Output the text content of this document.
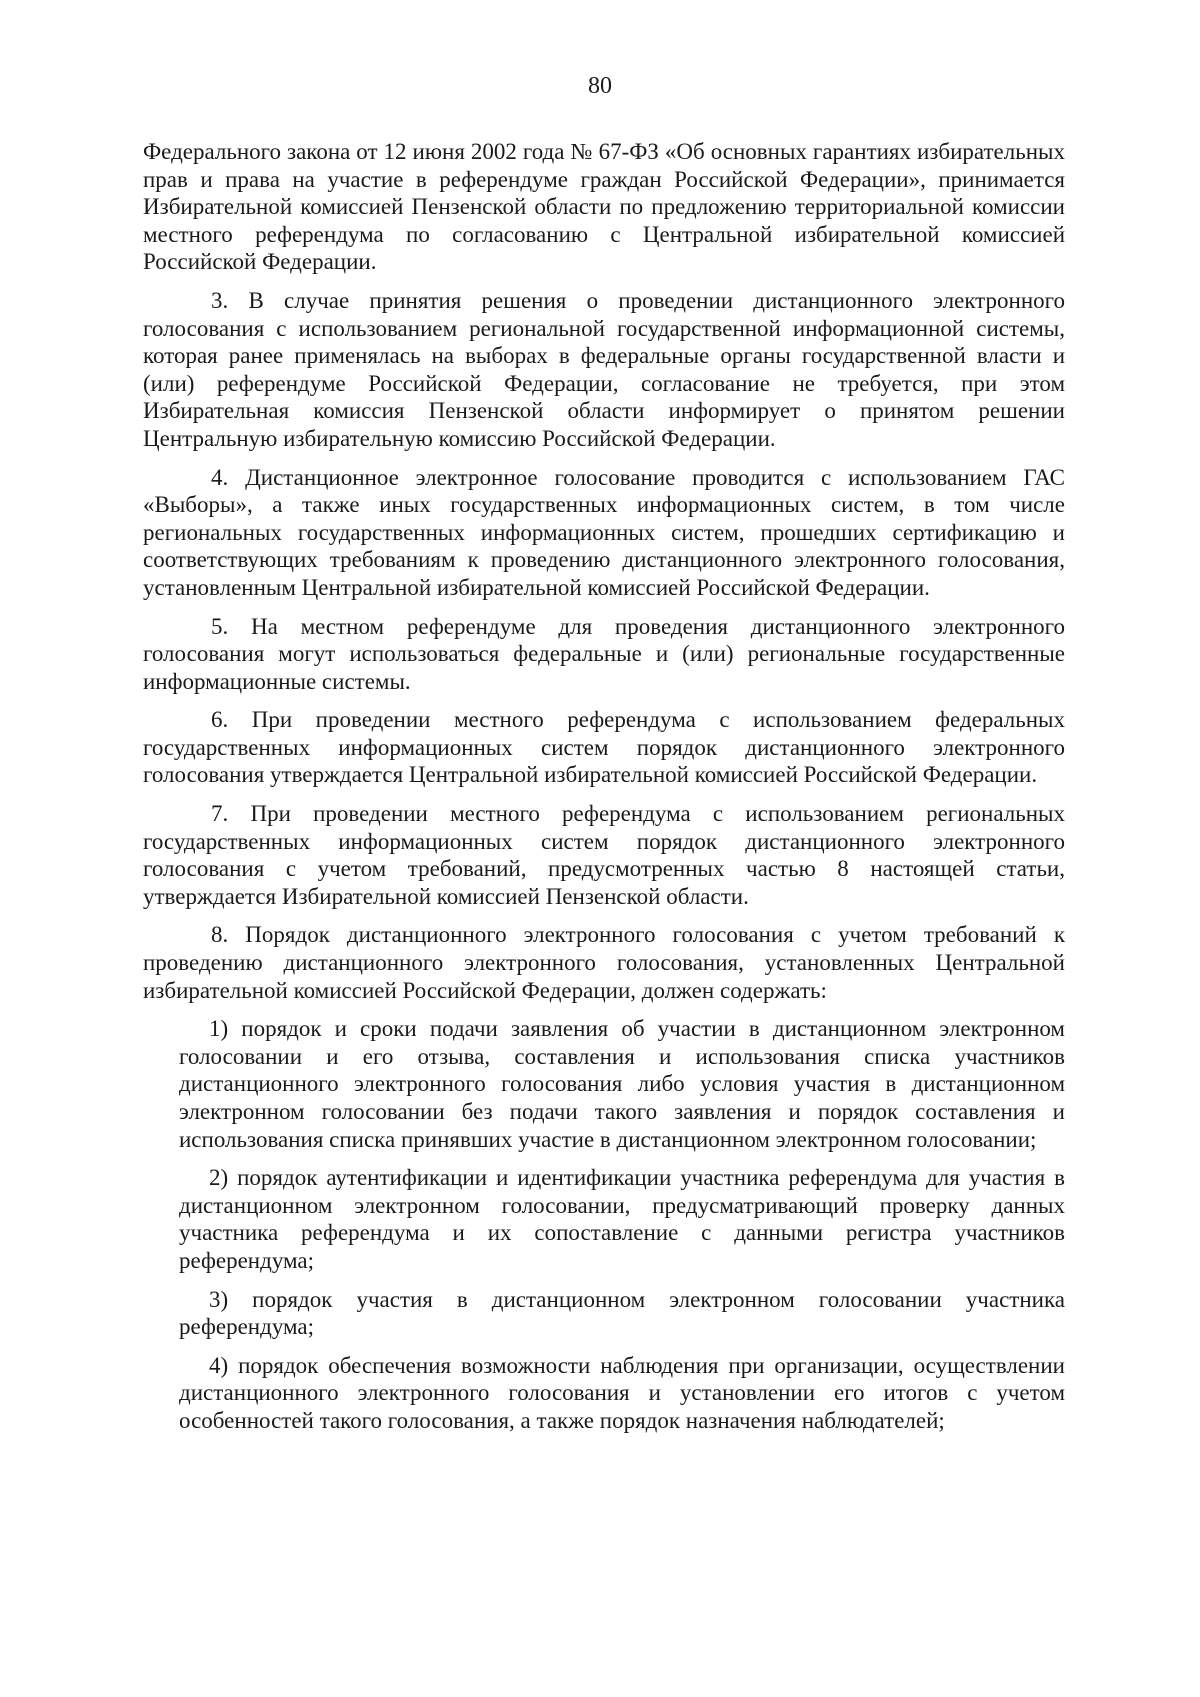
80

Федерального закона от 12 июня 2002 года № 67-ФЗ «Об основных гарантиях избирательных прав и права на участие в референдуме граждан Российской Федерации», принимается Избирательной комиссией Пензенской области по предложению территориальной комиссии местного референдума по согласованию с Центральной избирательной комиссией Российской Федерации.

3. В случае принятия решения о проведении дистанционного электронного голосования с использованием региональной государственной информационной системы, которая ранее применялась на выборах в федеральные органы государственной власти и (или) референдуме Российской Федерации, согласование не требуется, при этом Избирательная комиссия Пензенской области информирует о принятом решении Центральную избирательную комиссию Российской Федерации.

4. Дистанционное электронное голосование проводится с использованием ГАС «Выборы», а также иных государственных информационных систем, в том числе региональных государственных информационных систем, прошедших сертификацию и соответствующих требованиям к проведению дистанционного электронного голосования, установленным Центральной избирательной комиссией Российской Федерации.

5. На местном референдуме для проведения дистанционного электронного голосования могут использоваться федеральные и (или) региональные государственные информационные системы.

6. При проведении местного референдума с использованием федеральных государственных информационных систем порядок дистанционного электронного голосования утверждается Центральной избирательной комиссией Российской Федерации.

7. При проведении местного референдума с использованием региональных государственных информационных систем порядок дистанционного электронного голосования с учетом требований, предусмотренных частью 8 настоящей статьи, утверждается Избирательной комиссией Пензенской области.

8. Порядок дистанционного электронного голосования с учетом требований к проведению дистанционного электронного голосования, установленных Центральной избирательной комиссией Российской Федерации, должен содержать:

1) порядок и сроки подачи заявления об участии в дистанционном электронном голосовании и его отзыва, составления и использования списка участников дистанционного электронного голосования либо условия участия в дистанционном электронном голосовании без подачи такого заявления и порядок составления и использования списка принявших участие в дистанционном электронном голосовании;

2) порядок аутентификации и идентификации участника референдума для участия в дистанционном электронном голосовании, предусматривающий проверку данных участника референдума и их сопоставление с данными регистра участников референдума;

3) порядок участия в дистанционном электронном голосовании участника референдума;

4) порядок обеспечения возможности наблюдения при организации, осуществлении дистанционного электронного голосования и установлении его итогов с учетом особенностей такого голосования, а также порядок назначения наблюдателей;
